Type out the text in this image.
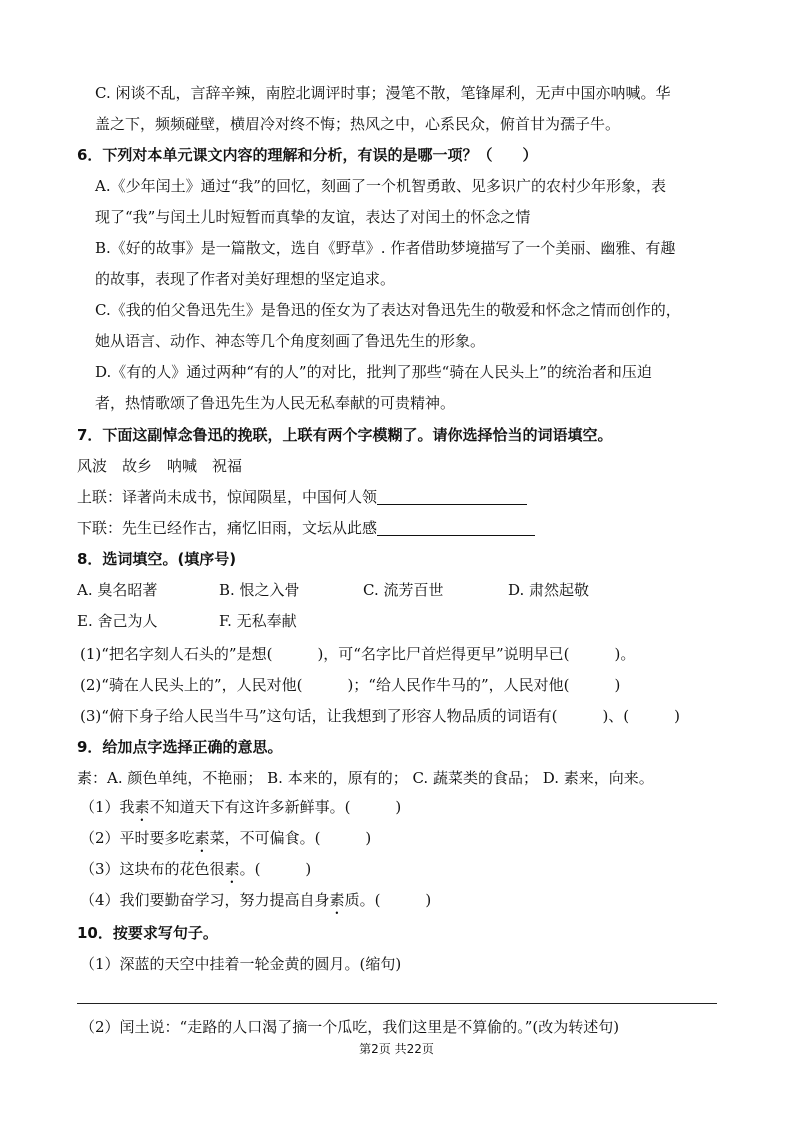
C. 闲谈不乱，言辞辛辣，南腔北调评时事；漫笔不散，笔锋犀利，无声中国亦呐喊。华
盖之下，频频碰壁，横眉冷对终不悔；热风之中，心系民众，俯首甘为孺子牛。
6．下列对本单元课文内容的理解和分析，有误的是哪一项？（　　）
A.《少年闰土》通过“我”的回忆，刻画了一个机智勇敢、见多识广的农村少年形象，表
现了“我”与闰土儿时短暂而真挚的友谊，表达了对闰土的怀念之情
B.《好的故事》是一篇散文，选自《野草》. 作者借助梦境描写了一个美丽、幽雅、有趣
的故事，表现了作者对美好理想的坚定追求。
C.《我的伯父鲁迅先生》是鲁迅的侄女为了表达对鲁迅先生的敬爱和怀念之情而创作的，
她从语言、动作、神态等几个角度刻画了鲁迅先生的形象。
D.《有的人》通过两种“有的人”的对比，批判了那些“骑在人民头上”的统治者和压迫
者，热情歌颂了鲁迅先生为人民无私奉献的可贵精神。
7．下面这副悼念鲁迅的挽联，上联有两个字模糊了。请你选择恰当的词语填空。
风波　故乡　呐喊　祝福
上联：译著尚未成书，惊闻陨星，中国何人领
下联：先生已经作古，痛忆旧雨，文坛从此感
8．选词填空。(填序号)
A. 臭名昭著	B. 恨之入骨	C. 流芳百世	D. 肃然起敬
E. 舍己为人	F. 无私奉献
(1)“把名字刻人石头的”是想(　　　)，可“名字比尸首烂得更早”说明早已(　　　)。
(2)“骑在人民头上的”，人民对他(　　　)；“给人民作牛马的”，人民对他(　　　)
(3)“俯下身子给人民当牛马”这句话，让我想到了形容人物品质的词语有(　　　)、(　　　)
9．给加点字选择正确的意思。
素：A. 颜色单纯，不艳丽； B. 本来的，原有的； C. 蔬菜类的食品； D. 素来，向来。
（1）我素不知道天下有这许多新鲜事。(　　　)
（2）平时要多吃素菜，不可偏食。(　　　)
（3）这块布的花色很素。(　　　)
（4）我们要勤奋学习，努力提高自身素质。(　　　)
10．按要求写句子。
（1）深蓝的天空中挂着一轮金黄的圆月。(缩句)
（2）闰土说：“走路的人口渴了摘一个瓜吃，我们这里是不算偷的。”(改为转述句)
第2页 共22页
